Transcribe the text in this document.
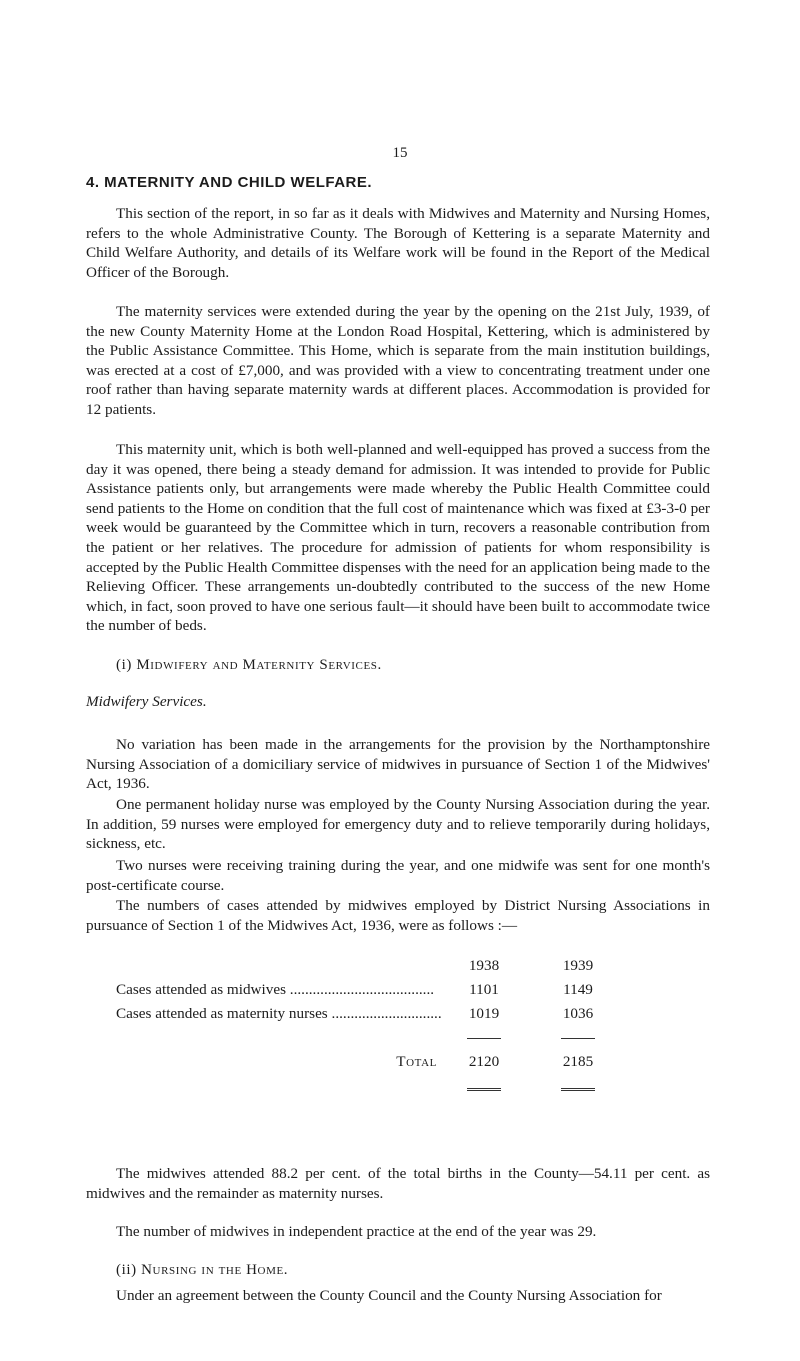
15
4. MATERNITY AND CHILD WELFARE.

This section of the report, in so far as it deals with Midwives and Maternity and Nursing Homes, refers to the whole Administrative County. The Borough of Kettering is a separate Maternity and Child Welfare Authority, and details of its Welfare work will be found in the Report of the Medical Officer of the Borough.

The maternity services were extended during the year by the opening on the 21st July, 1939, of the new County Maternity Home at the London Road Hospital, Kettering, which is administered by the Public Assistance Committee. This Home, which is separate from the main institution buildings, was erected at a cost of £7,000, and was provided with a view to concentrating treatment under one roof rather than having separate maternity wards at different places. Accommodation is provided for 12 patients.

This maternity unit, which is both well-planned and well-equipped has proved a success from the day it was opened, there being a steady demand for admission. It was intended to provide for Public Assistance patients only, but arrangements were made whereby the Public Health Committee could send patients to the Home on condition that the full cost of maintenance which was fixed at £3-3-0 per week would be guaranteed by the Committee which in turn, recovers a reasonable contribution from the patient or her relatives. The procedure for admission of patients for whom responsibility is accepted by the Public Health Committee dispenses with the need for an application being made to the Relieving Officer. These arrangements un-doubtedly contributed to the success of the new Home which, in fact, soon proved to have one serious fault—it should have been built to accommodate twice the number of beds.

(i) Midwifery and Maternity Services.
Midwifery Services.

No variation has been made in the arrangements for the provision by the Northamptonshire Nursing Association of a domiciliary service of midwives in pursuance of Section 1 of the Midwives' Act, 1936.

One permanent holiday nurse was employed by the County Nursing Association during the year. In addition, 59 nurses were employed for emergency duty and to relieve temporarily during holidays, sickness, etc.

Two nurses were receiving training during the year, and one midwife was sent for one month's post-certificate course.

The numbers of cases attended by midwives employed by District Nursing Associations in pursuance of Section 1 of the Midwives Act, 1936, were as follows :—

	1938		1939
Cases attended as midwives ......................................	1101		1149
Cases attended as maternity nurses .............................	1019		1036

Total	2120		2185

The midwives attended 88.2 per cent. of the total births in the County—54.11 per cent. as midwives and the remainder as maternity nurses.

The number of midwives in independent practice at the end of the year was 29.

(ii) Nursing in the Home.

Under an agreement between the County Council and the County Nursing Association for
